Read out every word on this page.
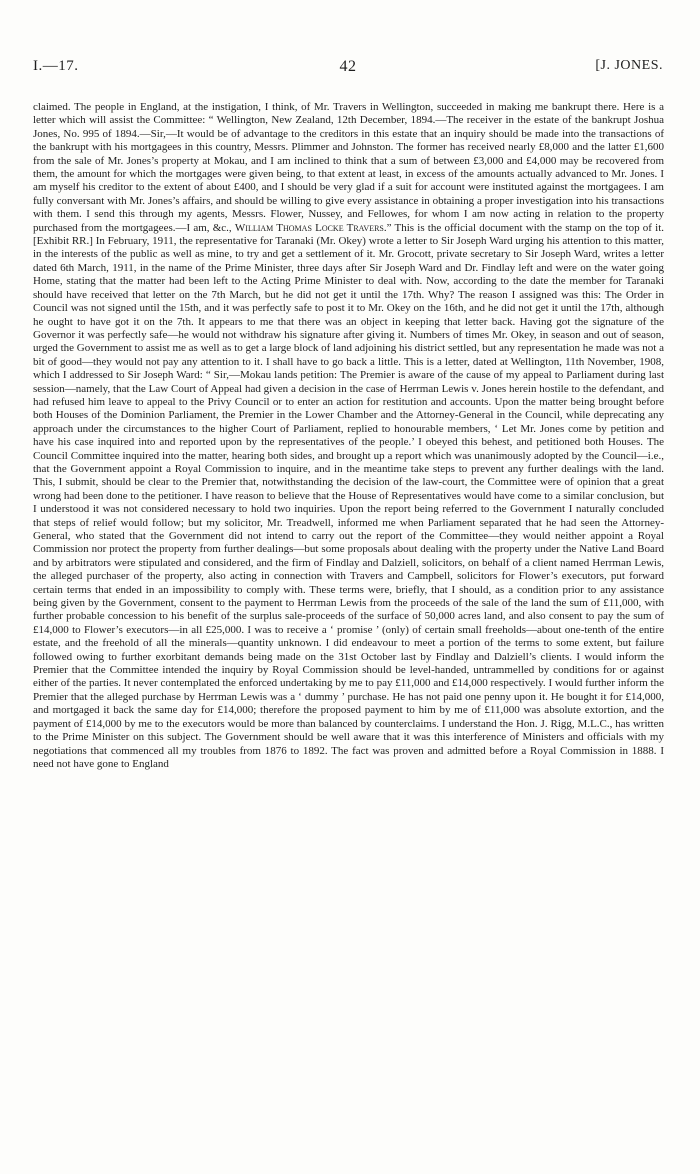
I.—17.	42	[J. JONES.

claimed. The people in England, at the instigation, I think, of Mr. Travers in Wellington, succeeded in making me bankrupt there. Here is a letter which will assist the Committee: “ Wellington, New Zealand, 12th December, 1894.—The receiver in the estate of the bankrupt Joshua Jones, No. 995 of 1894.—Sir,—It would be of advantage to the creditors in this estate that an inquiry should be made into the transactions of the bankrupt with his mortgagees in this country, Messrs. Plimmer and Johnston. The former has received nearly £8,000 and the latter £1,600 from the sale of Mr. Jones’s property at Mokau, and I am inclined to think that a sum of between £3,000 and £4,000 may be recovered from them, the amount for which the mortgages were given being, to that extent at least, in excess of the amounts actually advanced to Mr. Jones. I am myself his creditor to the extent of about £400, and I should be very glad if a suit for account were instituted against the mortgagees. I am fully conversant with Mr. Jones’s affairs, and should be willing to give every assistance in obtaining a proper investigation into his transactions with them. I send this through my agents, Messrs. Flower, Nussey, and Fellowes, for whom I am now acting in relation to the property purchased from the mortgagees.—I am, &c., William Thomas Locke Travers.” This is the official document with the stamp on the top of it. [Exhibit RR.] In February, 1911, the representative for Taranaki (Mr. Okey) wrote a letter to Sir Joseph Ward urging his attention to this matter, in the interests of the public as well as mine, to try and get a settlement of it. Mr. Grocott, private secretary to Sir Joseph Ward, writes a letter dated 6th March, 1911, in the name of the Prime Minister, three days after Sir Joseph Ward and Dr. Findlay left and were on the water going Home, stating that the matter had been left to the Acting Prime Minister to deal with. Now, according to the date the member for Taranaki should have received that letter on the 7th March, but he did not get it until the 17th. Why? The reason I assigned was this: The Order in Council was not signed until the 15th, and it was perfectly safe to post it to Mr. Okey on the 16th, and he did not get it until the 17th, although he ought to have got it on the 7th. It appears to me that there was an object in keeping that letter back. Having got the signature of the Governor it was perfectly safe—he would not withdraw his signature after giving it. Numbers of times Mr. Okey, in season and out of season, urged the Government to assist me as well as to get a large block of land adjoining his district settled, but any representation he made was not a bit of good—they would not pay any attention to it. I shall have to go back a little. This is a letter, dated at Wellington, 11th November, 1908, which I addressed to Sir Joseph Ward: “ Sir,—Mokau lands petition: The Premier is aware of the cause of my appeal to Parliament during last session—namely, that the Law Court of Appeal had given a decision in the case of Herrman Lewis v. Jones herein hostile to the defendant, and had refused him leave to appeal to the Privy Council or to enter an action for restitution and accounts. Upon the matter being brought before both Houses of the Dominion Parliament, the Premier in the Lower Chamber and the Attorney-General in the Council, while deprecating any approach under the circumstances to the higher Court of Parliament, replied to honourable members, ‘ Let Mr. Jones come by petition and have his case inquired into and reported upon by the representatives of the people.’ I obeyed this behest, and petitioned both Houses. The Council Committee inquired into the matter, hearing both sides, and brought up a report which was unanimously adopted by the Council—i.e., that the Government appoint a Royal Commission to inquire, and in the meantime take steps to prevent any further dealings with the land. This, I submit, should be clear to the Premier that, notwithstanding the decision of the law-court, the Committee were of opinion that a great wrong had been done to the petitioner. I have reason to believe that the House of Representatives would have come to a similar conclusion, but I understood it was not considered necessary to hold two inquiries. Upon the report being referred to the Government I naturally concluded that steps of relief would follow; but my solicitor, Mr. Treadwell, informed me when Parliament separated that he had seen the Attorney-General, who stated that the Government did not intend to carry out the report of the Committee—they would neither appoint a Royal Commission nor protect the property from further dealings—but some proposals about dealing with the property under the Native Land Board and by arbitrators were stipulated and considered, and the firm of Findlay and Dalziell, solicitors, on behalf of a client named Herrman Lewis, the alleged purchaser of the property, also acting in connection with Travers and Campbell, solicitors for Flower’s executors, put forward certain terms that ended in an impossibility to comply with. These terms were, briefly, that I should, as a condition prior to any assistance being given by the Government, consent to the payment to Herrman Lewis from the proceeds of the sale of the land the sum of £11,000, with further probable concession to his benefit of the surplus sale-proceeds of the surface of 50,000 acres land, and also consent to pay the sum of £14,000 to Flower’s executors—in all £25,000. I was to receive a ‘ promise ’ (only) of certain small freeholds—about one-tenth of the entire estate, and the freehold of all the minerals—quantity unknown. I did endeavour to meet a portion of the terms to some extent, but failure followed owing to further exorbitant demands being made on the 31st October last by Findlay and Dalziell’s clients. I would inform the Premier that the Committee intended the inquiry by Royal Commission should be level-handed, untrammelled by conditions for or against either of the parties. It never contemplated the enforced undertaking by me to pay £11,000 and £14,000 respectively. I would further inform the Premier that the alleged purchase by Herrman Lewis was a ‘ dummy ’ purchase. He has not paid one penny upon it. He bought it for £14,000, and mortgaged it back the same day for £14,000; therefore the proposed payment to him by me of £11,000 was absolute extortion, and the payment of £14,000 by me to the executors would be more than balanced by counterclaims. I understand the Hon. J. Rigg, M.L.C., has written to the Prime Minister on this subject. The Government should be well aware that it was this interference of Ministers and officials with my negotiations that commenced all my troubles from 1876 to 1892. The fact was proven and admitted before a Royal Commission in 1888. I need not have gone to England
